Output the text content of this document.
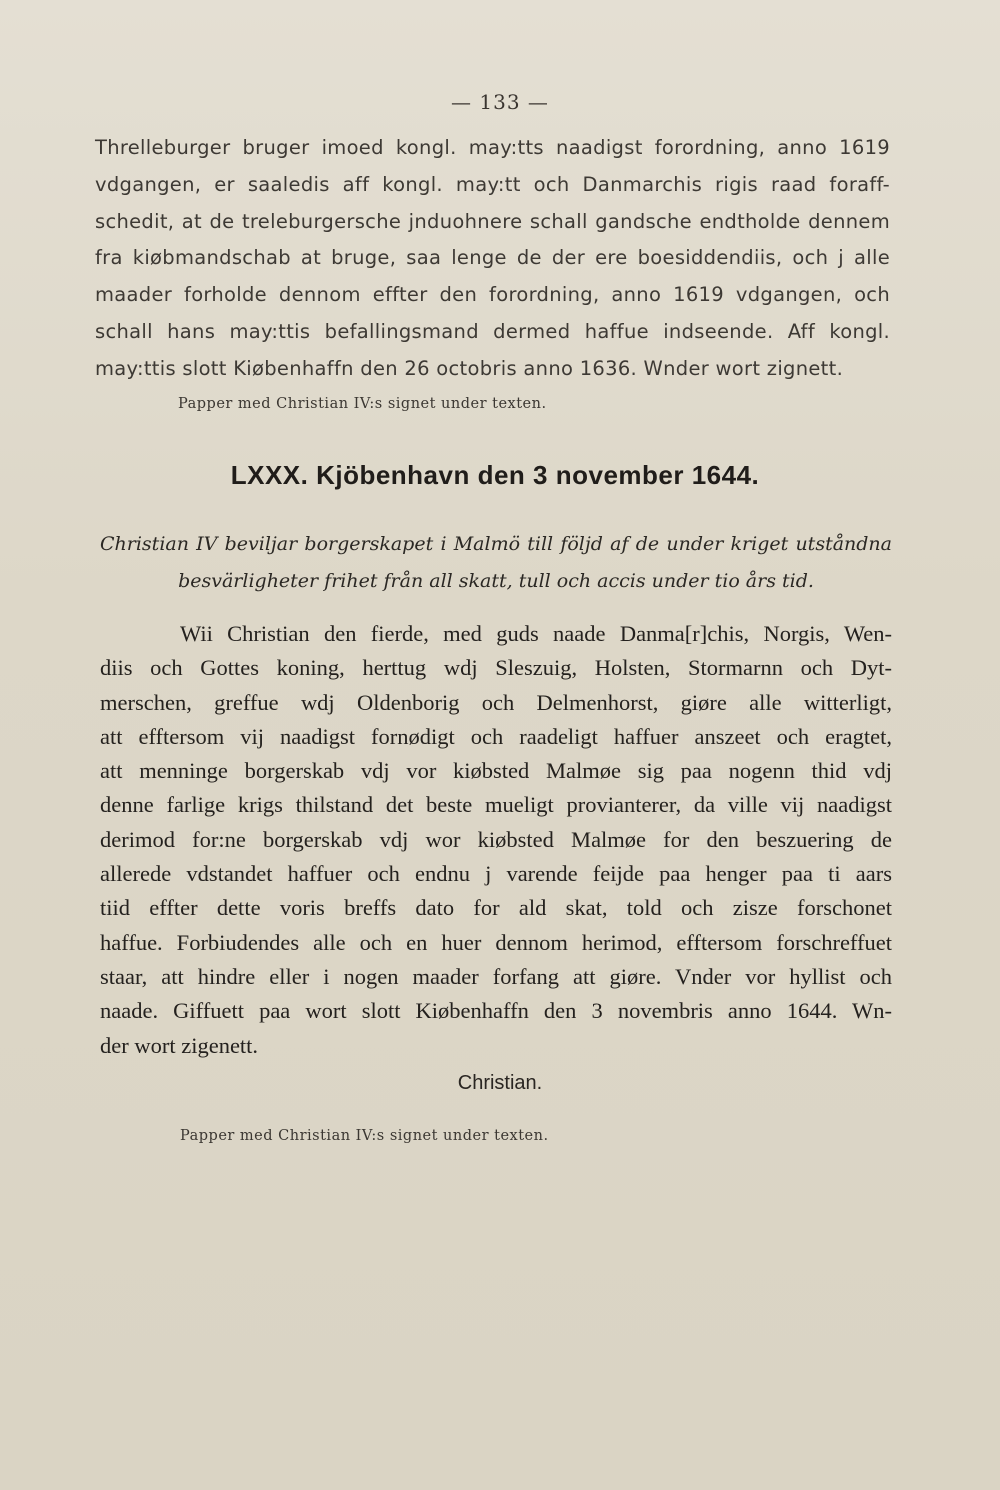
— 133 —
Threlleburger bruger imoed kongl. may:tts naadigst forordning, anno 1619
vdgangen, er saaledis aff kongl. may:tt och Danmarchis rigis raad foraff-
schedit, at de treleburgersche jnduohnere schall gandsche endtholde dennem
fra kiøbmandschab at bruge, saa lenge de der ere boesiddendiis, och j alle
maader forholde dennom effter den forordning, anno 1619 vdgangen, och
schall hans may:ttis befallingsmand dermed haffue indseende. Aff kongl.
may:ttis slott Kiøbenhaffn den 26 octobris anno 1636. Wnder wort zignett.
Papper med Christian IV:s signet under texten.
LXXX. Kjöbenhavn den 3 november 1644.
Christian IV beviljar borgerskapet i Malmö till följd af de under kriget utståndna
besvärligheter frihet från all skatt, tull och accis under tio års tid.
Wii Christian den fierde, med guds naade Danma[r]chis, Norgis, Wen-
diis och Gottes koning, herttug wdj Sleszuig, Holsten, Stormarnn och Dyt-
merschen, greffue wdj Oldenborig och Delmenhorst, giøre alle witterligt,
att efftersom vij naadigst fornødigt och raadeligt haffuer anszeet och eragtet,
att menninge borgerskab vdj vor kiøbsted Malmøe sig paa nogenn thid vdj
denne farlige krigs thilstand det beste mueligt provianterer, da ville vij naadigst
derimod for:ne borgerskab vdj wor kiøbsted Malmøe for den beszuering de
allerede vdstandet haffuer och endnu j varende feijde paa henger paa ti aars
tiid effter dette voris breffs dato for ald skat, told och zisze forschonet
haffue. Forbiudendes alle och en huer dennom herimod, efftersom forschreffuet
staar, att hindre eller i nogen maader forfang att giøre. Vnder vor hyllist och
naade. Giffuett paa wort slott Kiøbenhaffn den 3 novembris anno 1644. Wn-
der wort zigenett.
Christian.
Papper med Christian IV:s signet under texten.
